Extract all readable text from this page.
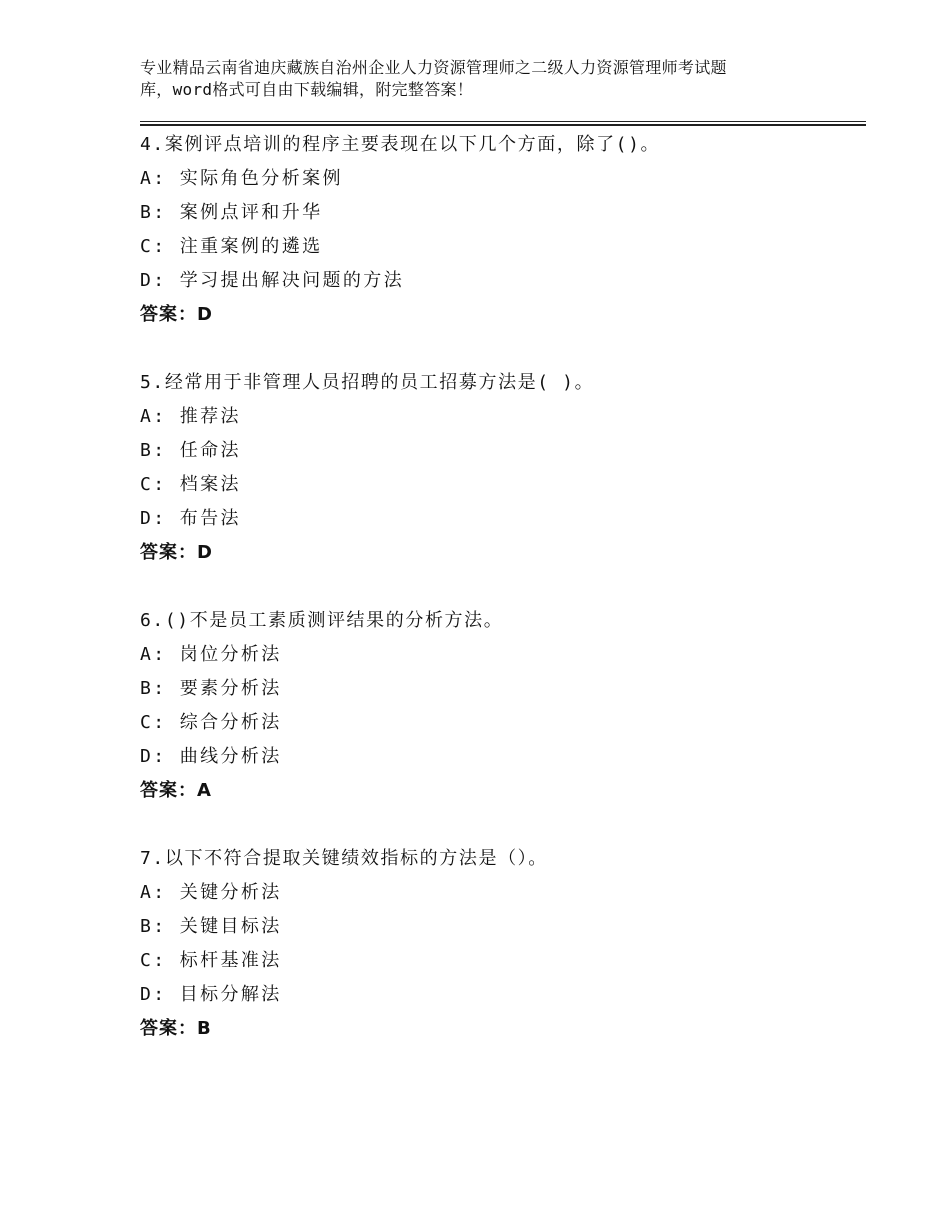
专业精品云南省迪庆藏族自治州企业人力资源管理师之二级人力资源管理师考试题
库，word格式可自由下载编辑，附完整答案！
4.案例评点培训的程序主要表现在以下几个方面，除了()。
A: 实际角色分析案例
B: 案例点评和升华
C: 注重案例的遴选
D: 学习提出解决问题的方法
答案：D
5.经常用于非管理人员招聘的员工招募方法是( )。
A: 推荐法
B: 任命法
C: 档案法
D: 布告法
答案：D
6.()不是员工素质测评结果的分析方法。
A: 岗位分析法
B: 要素分析法
C: 综合分析法
D: 曲线分析法
答案：A
7.以下不符合提取关键绩效指标的方法是（）。
A: 关键分析法
B: 关键目标法
C: 标杆基准法
D: 目标分解法
答案：B
